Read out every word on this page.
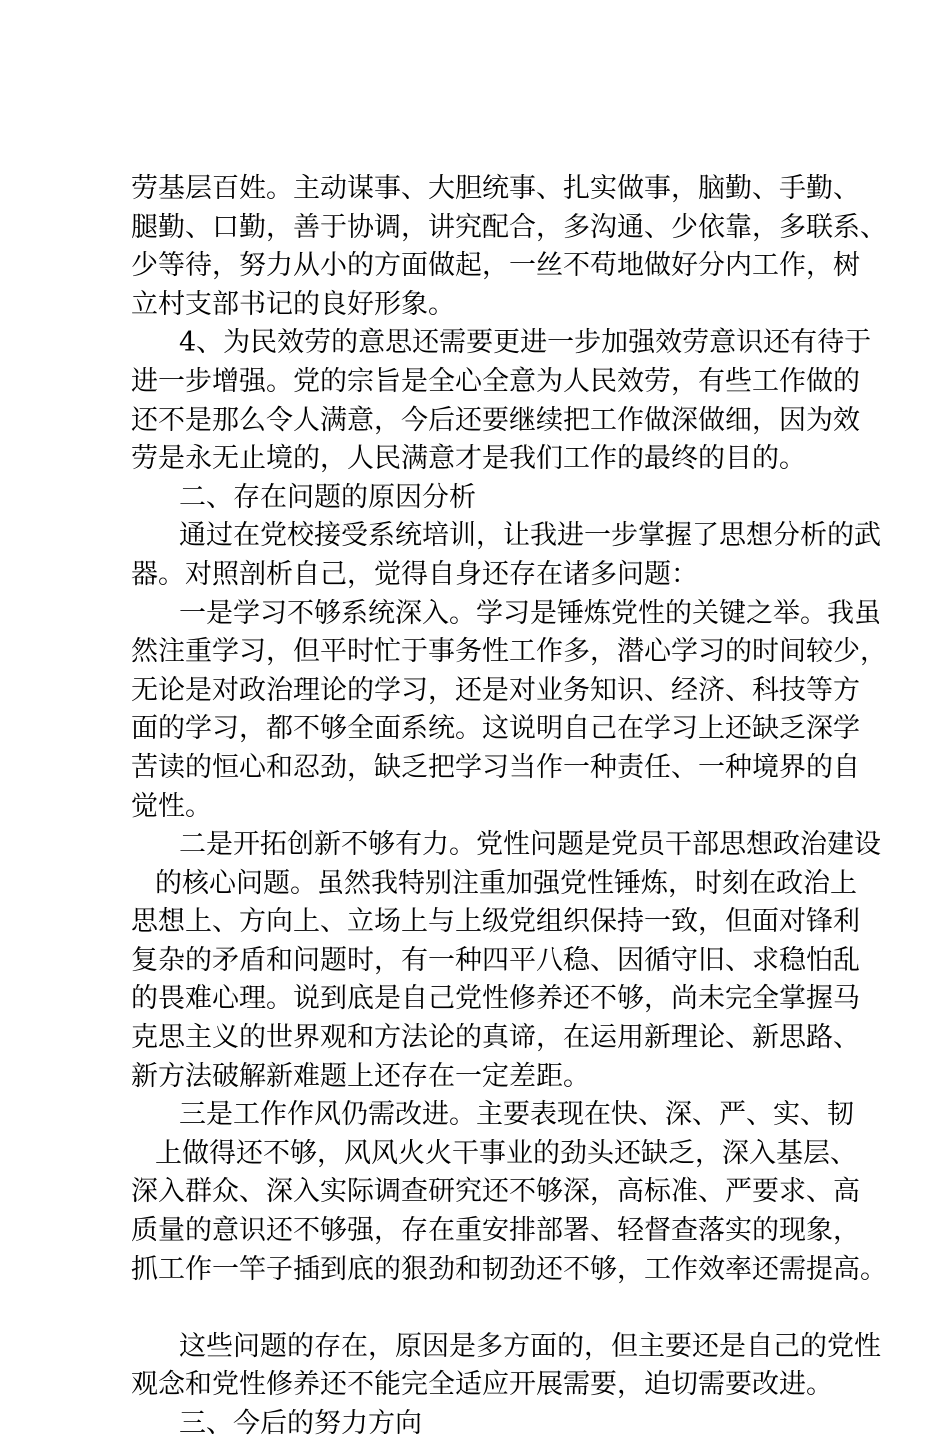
劳基层百姓。主动谋事、大胆统事、扎实做事，脑勤、手勤、
腿勤、口勤，善于协调，讲究配合，多沟通、少依靠，多联系、
少等待，努力从小的方面做起，一丝不苟地做好分内工作，树
立村支部书记的良好形象。
4、为民效劳的意思还需要更进一步加强效劳意识还有待于
进一步增强。党的宗旨是全心全意为人民效劳，有些工作做的
还不是那么令人满意，今后还要继续把工作做深做细，因为效
劳是永无止境的，人民满意才是我们工作的最终的目的。
二、存在问题的原因分析
通过在党校接受系统培训，让我进一步掌握了思想分析的武
器。对照剖析自己，觉得自身还存在诸多问题：
一是学习不够系统深入。学习是锤炼党性的关键之举。我虽
然注重学习，但平时忙于事务性工作多，潜心学习的时间较少，
无论是对政治理论的学习，还是对业务知识、经济、科技等方
面的学习，都不够全面系统。这说明自己在学习上还缺乏深学
苦读的恒心和忍劲，缺乏把学习当作一种责任、一种境界的自
觉性。
二是开拓创新不够有力。党性问题是党员干部思想政治建设
的核心问题。虽然我特别注重加强党性锤炼，时刻在政治上
思想上、方向上、立场上与上级党组织保持一致，但面对锋利
复杂的矛盾和问题时，有一种四平八稳、因循守旧、求稳怕乱
的畏难心理。说到底是自己党性修养还不够，尚未完全掌握马
克思主义的世界观和方法论的真谛，在运用新理论、新思路、
新方法破解新难题上还存在一定差距。
三是工作作风仍需改进。主要表现在快、深、严、实、韧
上做得还不够，风风火火干事业的劲头还缺乏，深入基层、
深入群众、深入实际调查研究还不够深，高标准、严要求、高
质量的意识还不够强，存在重安排部署、轻督查落实的现象，
抓工作一竿子插到底的狠劲和韧劲还不够，工作效率还需提高。
这些问题的存在，原因是多方面的，但主要还是自己的党性
观念和党性修养还不能完全适应开展需要，迫切需要改进。
三、今后的努力方向
